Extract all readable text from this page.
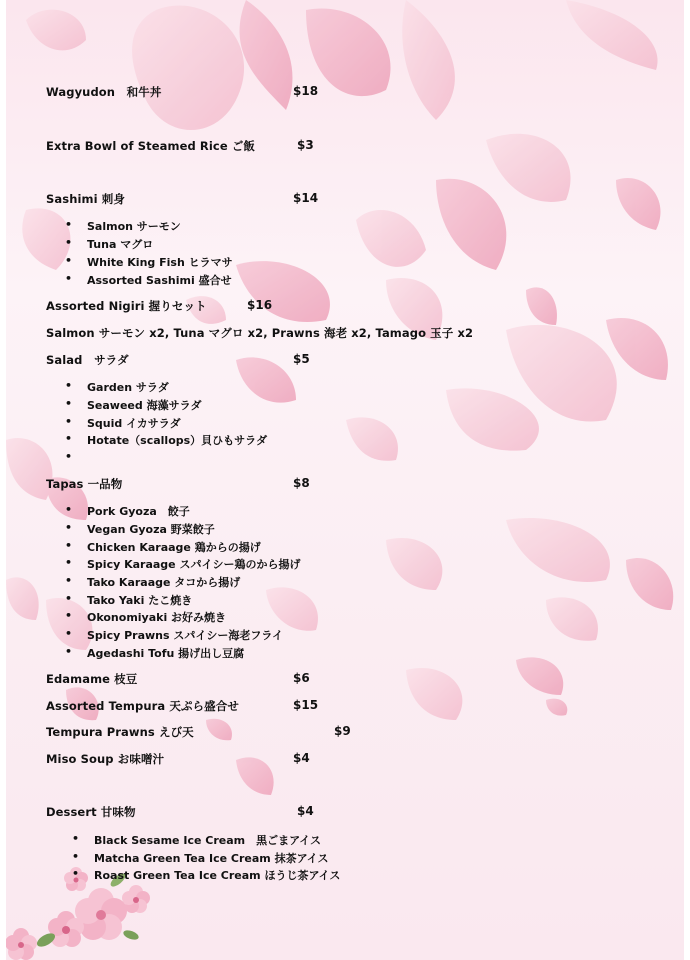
Wagyudon　和牛丼	$18
Extra Bowl of Steamed Rice ご飯	$3
Sashimi 刺身	$14
• Salmon サーモン
• Tuna マグロ
• White King Fish ヒラマサ
• Assorted Sashimi 盛合せ
Assorted Nigiri 握りセット	$16
Salmon サーモン x2, Tuna マグロ x2, Prawns 海老 x2, Tamago 玉子 x2
Salad　サラダ	$5
• Garden サラダ
• Seaweed 海藻サラダ
• Squid イカサラダ
• Hotate（scallops）貝ひもサラダ
Tapas 一品物	$8
• Pork Gyoza　餃子
• Vegan Gyoza 野菜餃子
• Chicken Karaage 鶏からの揚げ
• Spicy Karaage スパイシー鶏のから揚げ
• Tako Karaage タコから揚げ
• Tako Yaki たこ焼き
• Okonomiyaki お好み焼き
• Spicy Prawns スパイシー海老フライ
• Agedashi Tofu 揚げ出し豆腐
Edamame 枝豆	$6
Assorted Tempura 天ぷら盛合せ	$15
Tempura Prawns えび天	$9
Miso Soup お味噌汁	$4
Dessert 甘味物	$4
• Black Sesame Ice Cream　黒ごまアイス
• Matcha Green Tea Ice Cream 抹茶アイス
• Roast Green Tea Ice Cream ほうじ茶アイス
